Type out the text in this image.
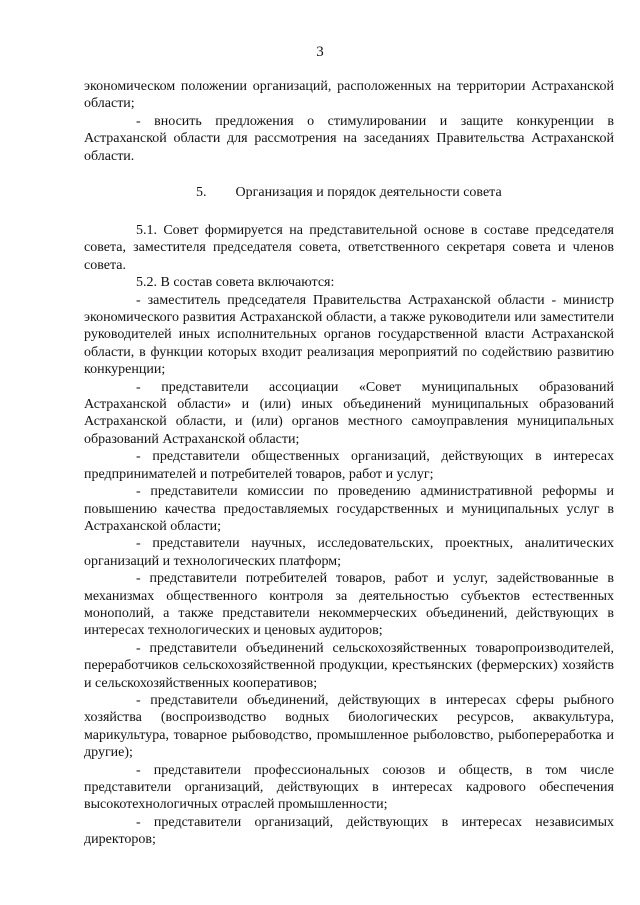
3

экономическом положении организаций, расположенных на территории Астраханской области;

- вносить предложения о стимулировании и защите конкуренции в Астраханской области для рассмотрения на заседаниях Правительства Астраханской области.

5. Организация и порядок деятельности совета

5.1. Совет формируется на представительной основе в составе председателя совета, заместителя председателя совета, ответственного секретаря совета и членов совета.

5.2. В состав совета включаются:

- заместитель председателя Правительства Астраханской области - министр экономического развития Астраханской области, а также руководители или заместители руководителей иных исполнительных органов государственной власти Астраханской области, в функции которых входит реализация мероприятий по содействию развитию конкуренции;

- представители ассоциации «Совет муниципальных образований Астраханской области» и (или) иных объединений муниципальных образований Астраханской области, и (или) органов местного самоуправления муниципальных образований Астраханской области;

- представители общественных организаций, действующих в интересах предпринимателей и потребителей товаров, работ и услуг;

- представители комиссии по проведению административной реформы и повышению качества предоставляемых государственных и муниципальных услуг в Астраханской области;

- представители научных, исследовательских, проектных, аналитических организаций и технологических платформ;

- представители потребителей товаров, работ и услуг, задействованные в механизмах общественного контроля за деятельностью субъектов естественных монополий, а также представители некоммерческих объединений, действующих в интересах технологических и ценовых аудиторов;

- представители объединений сельскохозяйственных товаропроизводителей, переработчиков сельскохозяйственной продукции, крестьянских (фермерских) хозяйств и сельскохозяйственных кооперативов;

- представители объединений, действующих в интересах сферы рыбного хозяйства (воспроизводство водных биологических ресурсов, аквакультура, марикультура, товарное рыбоводство, промышленное рыболовство, рыбопереработка и другие);

- представители профессиональных союзов и обществ, в том числе представители организаций, действующих в интересах кадрового обеспечения высокотехнологичных отраслей промышленности;

- представители организаций, действующих в интересах независимых директоров;
